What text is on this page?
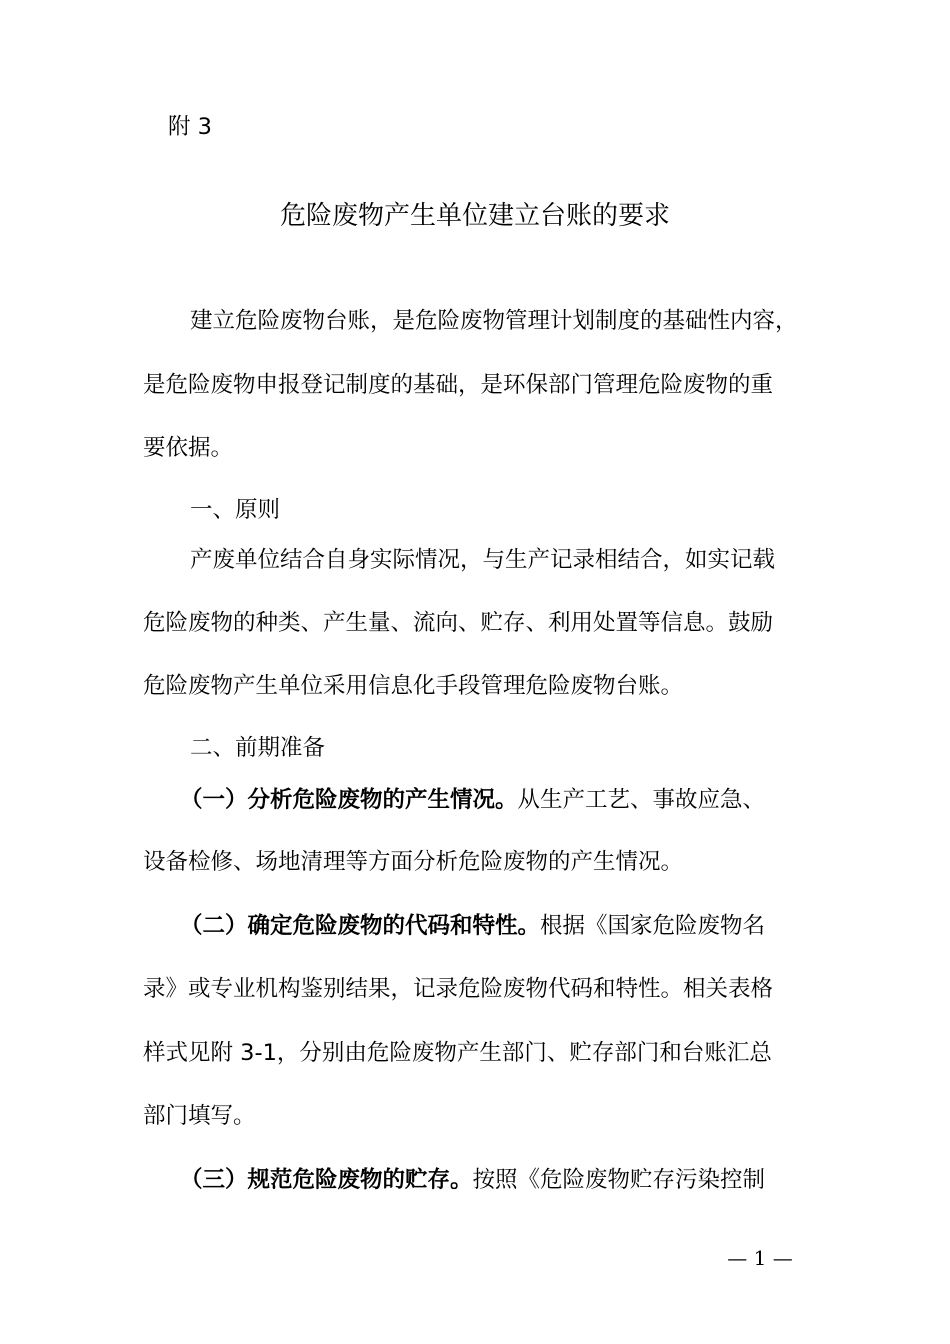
附 3
危险废物产生单位建立台账的要求
建立危险废物台账，是危险废物管理计划制度的基础性内容，
是危险废物申报登记制度的基础，是环保部门管理危险废物的重
要依据。
一、原则
产废单位结合自身实际情况，与生产记录相结合，如实记载
危险废物的种类、产生量、流向、贮存、利用处置等信息。鼓励
危险废物产生单位采用信息化手段管理危险废物台账。
二、前期准备
（一）分析危险废物的产生情况。从生产工艺、事故应急、
设备检修、场地清理等方面分析危险废物的产生情况。
（二）确定危险废物的代码和特性。根据《国家危险废物名
录》或专业机构鉴别结果，记录危险废物代码和特性。相关表格
样式见附 3-1，分别由危险废物产生部门、贮存部门和台账汇总
部门填写。
（三）规范危险废物的贮存。按照《危险废物贮存污染控制
— 1 —
